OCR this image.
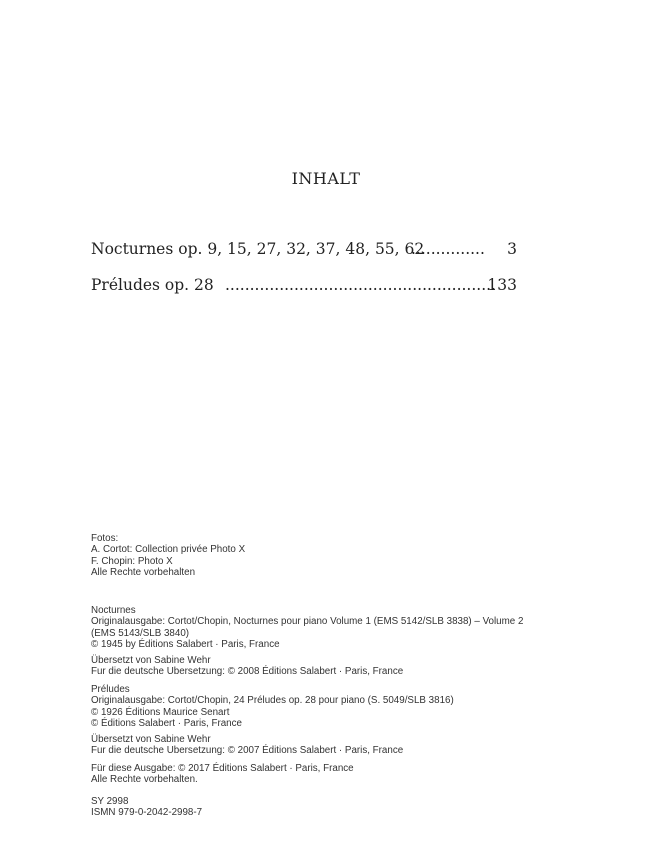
INHALT
Nocturnes op. 9, 15, 27, 32, 37, 48, 55, 62
...............	3
Préludes op. 28 .......................................................
133

Fotos:

A. Cortot: Collection privée Photo X

F. Chopin: Photo X

Alle Rechte vorbehalten

Nocturnes

Originalausgabe: Cortot/Chopin, Nocturnes pour piano Volume 1 (EMS 5142/SLB 3838) – Volume 2

(EMS 5143/SLB 3840)

© 1945 by Éditions Salabert · Paris, France

Übersetzt von Sabine Wehr

Fur die deutsche Ubersetzung: © 2008 Éditions Salabert · Paris, France

Préludes

Originalausgabe: Cortot/Chopin, 24 Préludes op. 28 pour piano (S. 5049/SLB 3816)

© 1926 Éditions Maurice Senart

© Éditions Salabert · Paris, France

Übersetzt von Sabine Wehr

Fur die deutsche Ubersetzung: © 2007 Éditions Salabert · Paris, France

Für diese Ausgabe: © 2017 Éditions Salabert · Paris, France

Alle Rechte vorbehalten.

SY 2998

ISMN 979-0-2042-2998-7
